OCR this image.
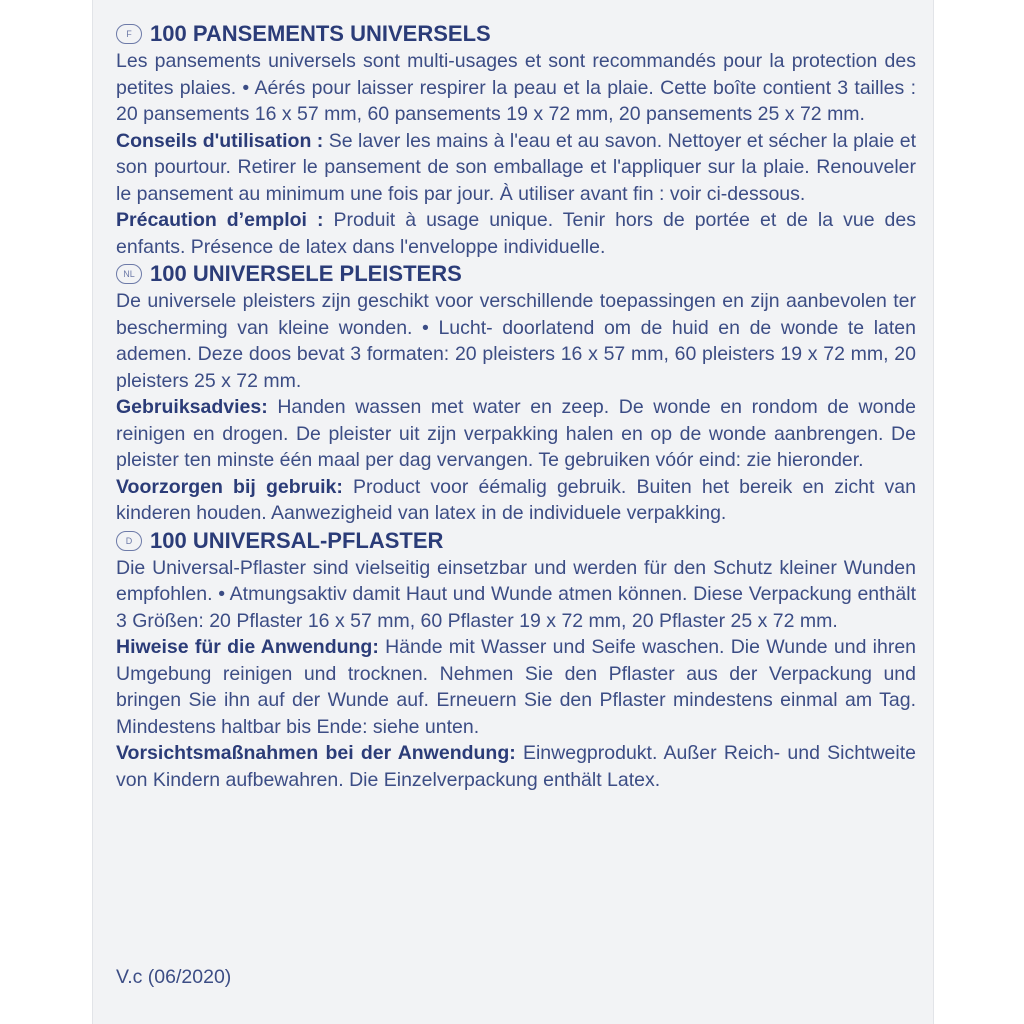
F 100 PANSEMENTS UNIVERSELS

Les pansements universels sont multi-usages et sont recommandés pour la protection des petites plaies. • Aérés pour laisser respirer la peau et la plaie. Cette boîte contient 3 tailles : 20 pansements 16 x 57 mm, 60 pansements 19 x 72 mm, 20 pansements 25 x 72 mm.

Conseils d'utilisation : Se laver les mains à l'eau et au savon. Nettoyer et sécher la plaie et son pourtour. Retirer le pansement de son emballage et l'appliquer sur la plaie. Renouveler le pansement au minimum une fois par jour. À utiliser avant fin : voir ci-dessous.

Précaution d’emploi : Produit à usage unique. Tenir hors de portée et de la vue des enfants. Présence de latex dans l'enveloppe individuelle.

NL 100 UNIVERSELE PLEISTERS

De universele pleisters zijn geschikt voor verschillende toepassingen en zijn aanbevolen ter bescherming van kleine wonden. • Lucht- doorlatend om de huid en de wonde te laten ademen. Deze doos bevat 3 formaten: 20 pleisters 16 x 57 mm, 60 pleisters 19 x 72 mm, 20 pleisters 25 x 72 mm.

Gebruiksadvies: Handen wassen met water en zeep. De wonde en rondom de wonde reinigen en drogen. De pleister uit zijn verpakking halen en op de wonde aanbrengen. De pleister ten minste één maal per dag vervangen. Te gebruiken vóór eind: zie hieronder.

Voorzorgen bij gebruik: Product voor éémalig gebruik. Buiten het bereik en zicht van kinderen houden. Aanwezigheid van latex in de individuele verpakking.

D 100 UNIVERSAL-PFLASTER

Die Universal-Pflaster sind vielseitig einsetzbar und werden für den Schutz kleiner Wunden empfohlen. • Atmungsaktiv damit Haut und Wunde atmen können. Diese Verpackung enthält 3 Größen: 20 Pflaster 16 x 57 mm, 60 Pflaster 19 x 72 mm, 20 Pflaster 25 x 72 mm.

Hiweise für die Anwendung: Hände mit Wasser und Seife waschen. Die Wunde und ihren Umgebung reinigen und trocknen. Nehmen Sie den Pflaster aus der Verpackung und bringen Sie ihn auf der Wunde auf. Erneuern Sie den Pflaster mindestens einmal am Tag. Mindestens haltbar bis Ende: siehe unten.

Vorsichtsmaßnahmen bei der Anwendung: Einwegprodukt. Außer Reich- und Sichtweite von Kindern aufbewahren. Die Einzelverpackung enthält Latex.

V.c (06/2020)
